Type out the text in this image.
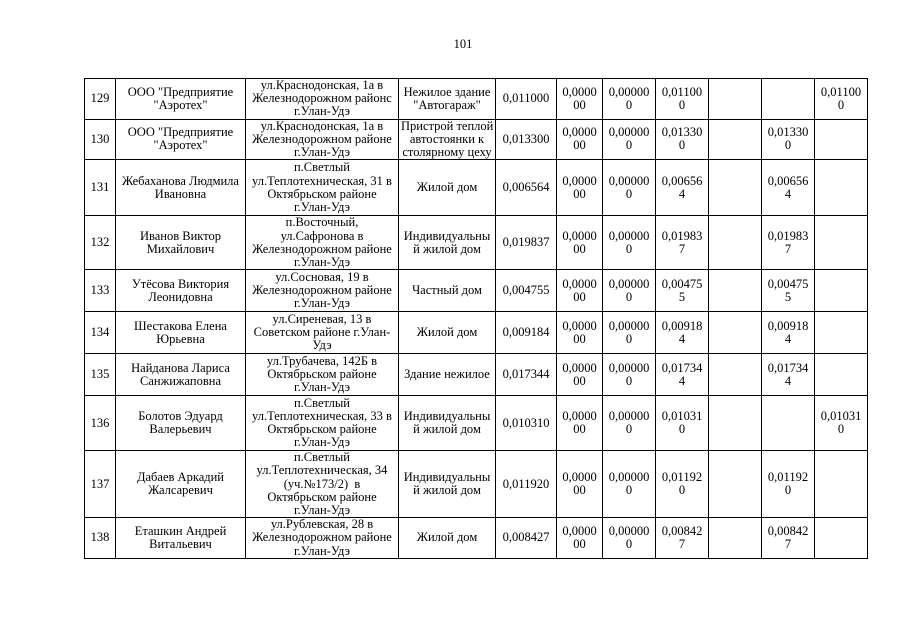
101
129	ООО "Предприятие
"Аэротех"	ул.Краснодонская, 1а в
Железнодорожном районс
г.Улан-Удэ	Нежилое здание
"Автогараж"	0,011000	0,000000	0,000000	0,011000			0,011000

130	ООО "Предприятие
"Аэротех"	ул.Краснодонская, 1а в
Железнодорожном районе
г.Улан-Удэ	Пристрой теплой
автостоянки к
столярному цеху	0,013300	0,000000	0,000000	0,013300		0,013300	

131	Жебаханова Людмила
Ивановна	п.Светлый
ул.Теплотехническая, 31 в
Октябрьском районе
г.Улан-Удэ	Жилой дом	0,006564	0,000000	0,000000	0,006564		0,006564	

132	Иванов Виктор
Михайлович	п.Восточный,
ул.Сафронова в
Железнодорожном районе
г.Улан-Удэ	Индивидуальны
й жилой дом	0,019837	0,000000	0,000000	0,019837		0,019837	

133	Утёсова Виктория
Леонидовна	ул.Сосновая, 19 в
Железнодорожном районе
г.Улан-Удэ	Частный дом	0,004755	0,000000	0,000000	0,004755		0,004755	

134	Шестакова Елена
Юрьевна	ул.Сиреневая, 13 в
Советском районе г.Улан-
Удэ	Жилой дом	0,009184	0,000000	0,000000	0,009184		0,009184	

135	Найданова Лариса
Санжижаповна	ул.Трубачева, 142Б в
Октябрьском районе
г.Улан-Удэ	Здание нежилое	0,017344	0,000000	0,000000	0,017344		0,017344	

136	Болотов Эдуард
Валерьевич	п.Светлый
ул.Теплотехническая, 33 в
Октябрьском районе
г.Улан-Удэ	Индивидуальны
й жилой дом	0,010310	0,000000	0,000000	0,010310			0,010310

137	Дабаев Аркадий
Жалсаревич	п.Светлый
ул.Теплотехническая, 34
(уч.№173/2)  в
Октябрьском районе
г.Улан-Удэ	Индивидуальны
й жилой дом	0,011920	0,000000	0,000000	0,011920		0,011920	

138	Еташкин Андрей
Витальевич	ул.Рублевская, 28 в
Железнодорожном районе
г.Улан-Удэ	Жилой дом	0,008427	0,000000	0,000000	0,008427		0,008427	
